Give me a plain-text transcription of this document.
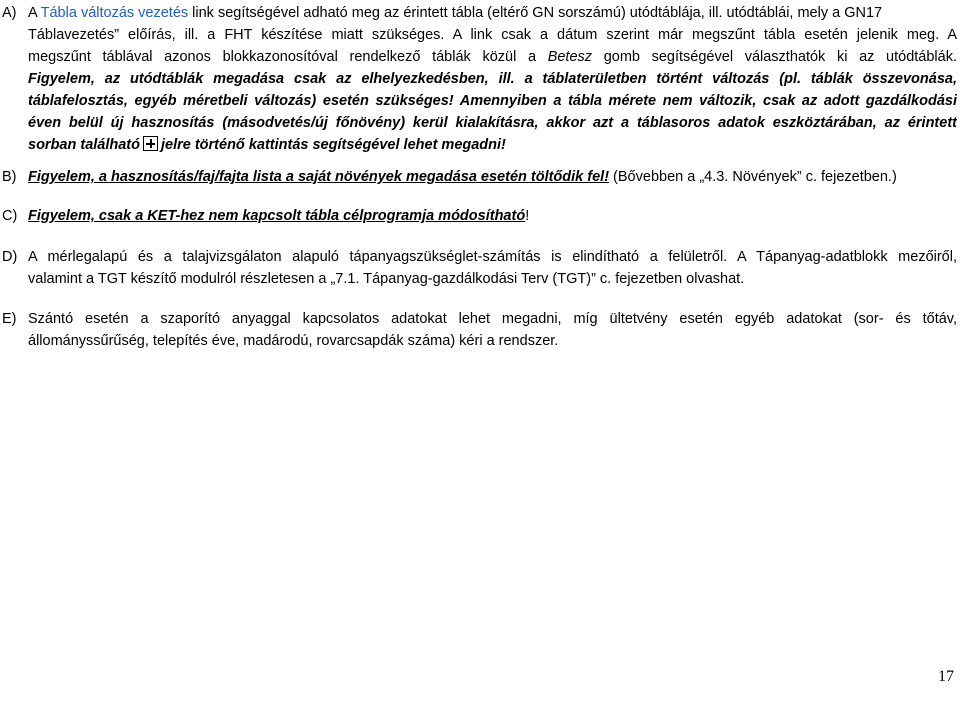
A) A Tábla változás vezetés link segítségével adható meg az érintett tábla (eltérő GN sorszámú) utódtáblája, ill. utódtáblái, mely a GN17
Táblavezetés” előírás, ill. a FHT készítése miatt szükséges. A link csak a dátum szerint már megszűnt tábla esetén jelenik meg. A
megszűnt táblával azonos blokkazonosítóval rendelkező táblák közül a Betesz gomb segítségével választhatók ki az utódtáblák.
Figyelem, az utódtáblák megadása csak az elhelyezkedésben, ill. a táblaterületben történt változás (pl. táblák összevonása,
táblafelosztás, egyéb méretbeli változás) esetén szükséges! Amennyiben a tábla mérete nem változik, csak az adott gazdálkodási
éven belül új hasznosítás (másodvetés/új főnövény) kerül kialakításra, akkor azt a táblasoros adatok eszköztárában, az érintett
sorban található jelre történő kattintás segítségével lehet megadni!
B) Figyelem, a hasznosítás/faj/fajta lista a saját növények megadása esetén töltődik fel! (Bővebben a „4.3. Növények” c. fejezetben.)
C) Figyelem, csak a KET-hez nem kapcsolt tábla célprogramja módosítható!
D) A mérlegalapú és a talajvizsgálaton alapuló tápanyagszükséglet-számítás is elindítható a felületről. A Tápanyag-adatblokk mezőiről,
valamint a TGT készítő modulról részletesen a „7.1. Tápanyag-gazdálkodási Terv (TGT)” c. fejezetben olvashat.
E) Szántó esetén a szaporító anyaggal kapcsolatos adatokat lehet megadni, míg ültetvény esetén egyéb adatokat (sor- és tőtáv,
állományssűrűség, telepítés éve, madárodú, rovarcsapdák száma) kéri a rendszer.
17
